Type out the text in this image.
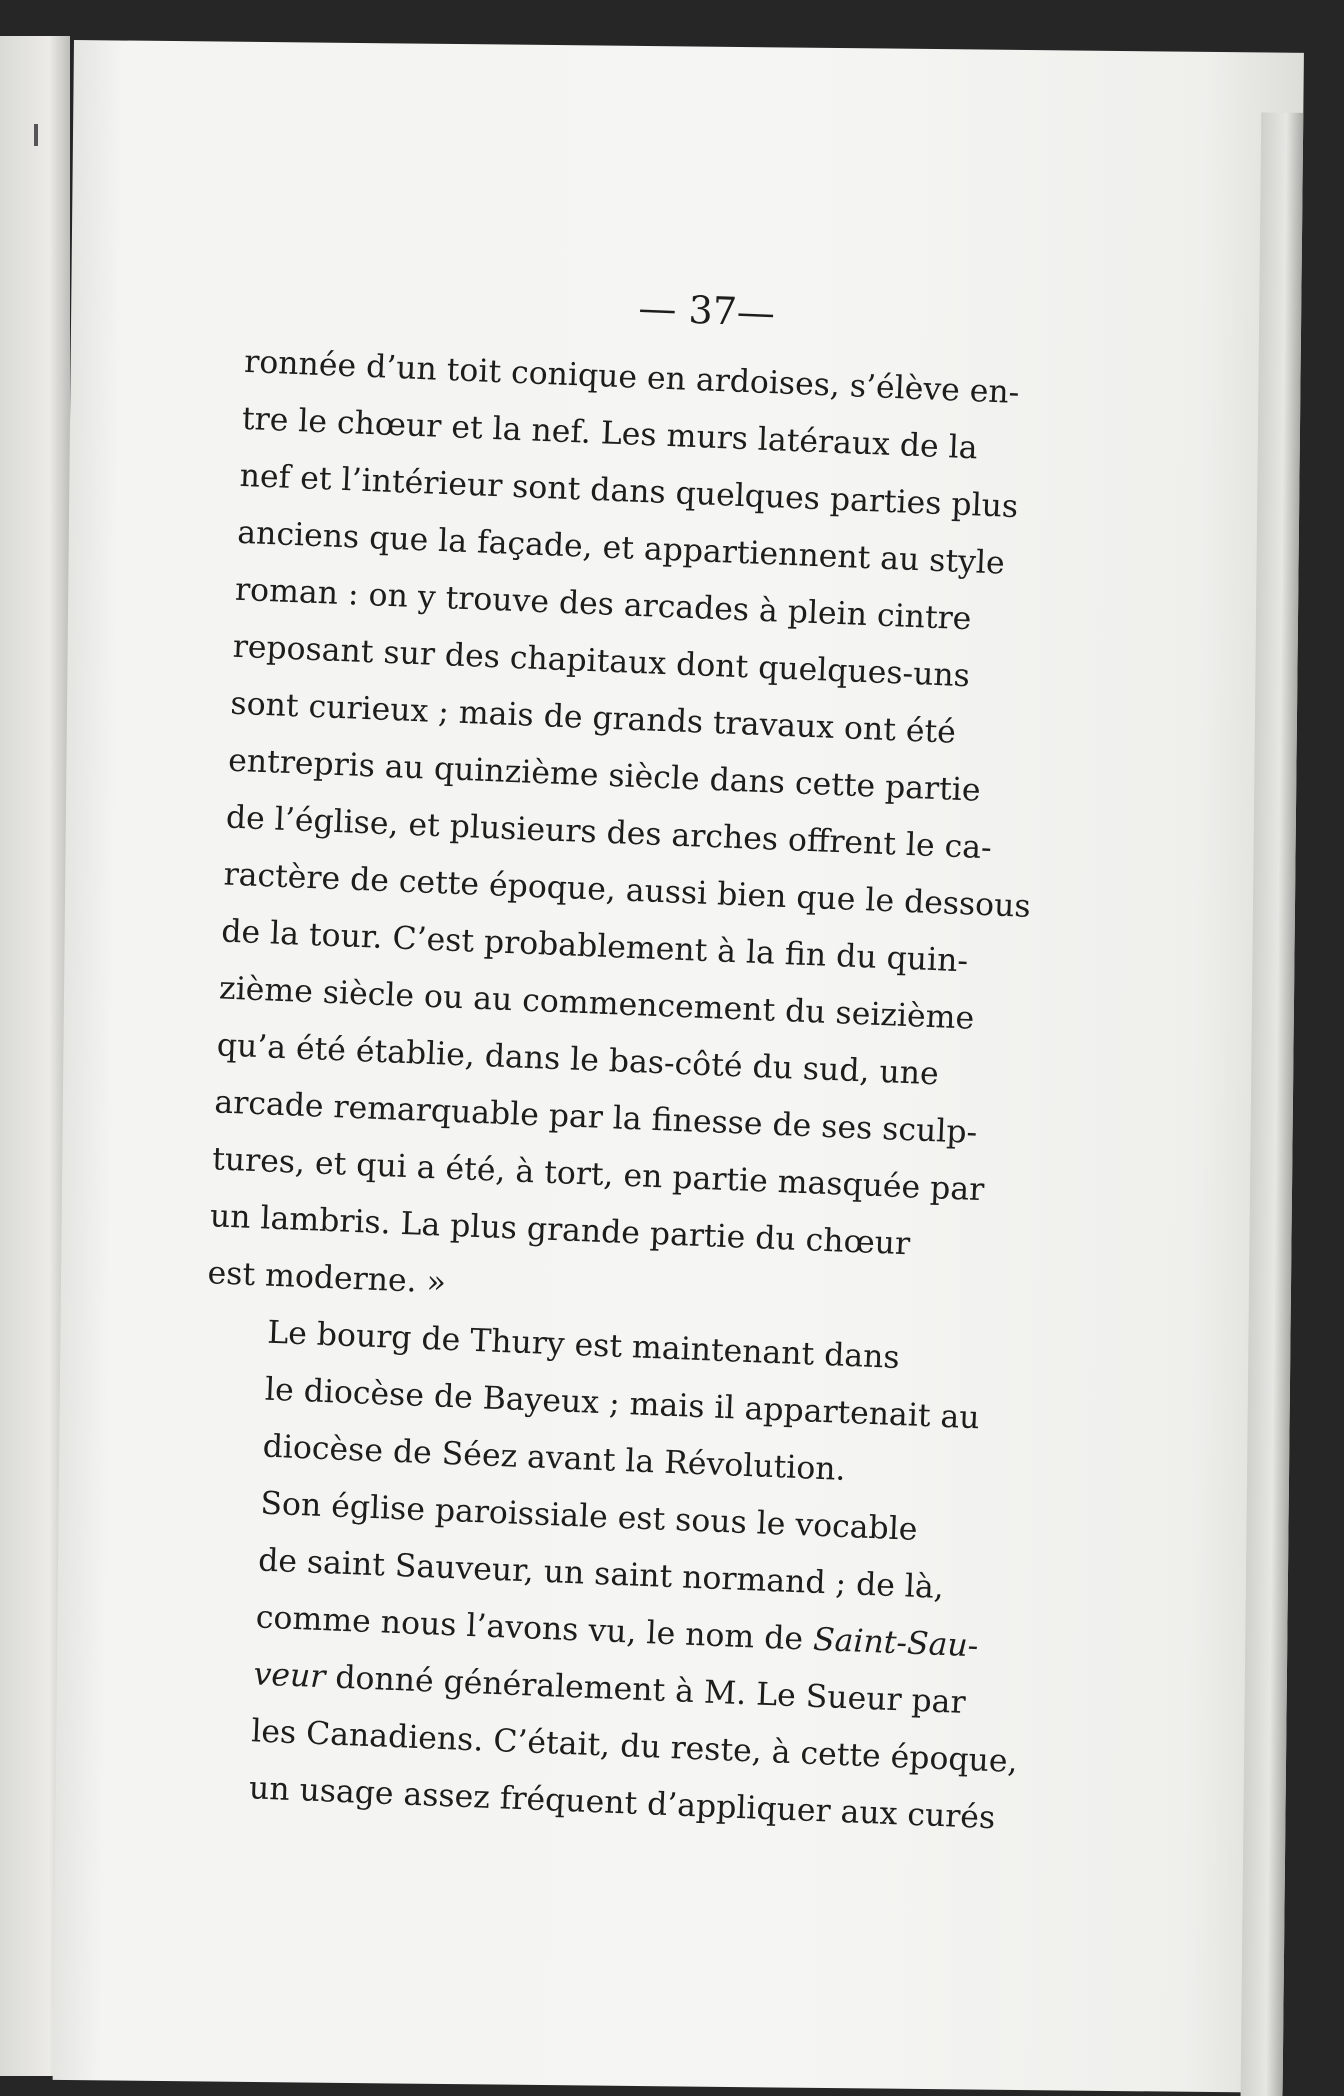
— 37—

ronnée d’un toit conique en ardoises, s’élève en-
tre le chœur et la nef. Les murs latéraux de la
nef et l’intérieur sont dans quelques parties plus
anciens que la façade, et appartiennent au style
roman : on y trouve des arcades à plein cintre
reposant sur des chapitaux dont quelques-uns
sont curieux ; mais de grands travaux ont été
entrepris au quinzième siècle dans cette partie
de l’église, et plusieurs des arches offrent le ca-
ractère de cette époque, aussi bien que le dessous
de la tour. C’est probablement à la fin du quin-
zième siècle ou au commencement du seizième
qu’a été établie, dans le bas-côté du sud, une
arcade remarquable par la finesse de ses sculp-
tures, et qui a été, à tort, en partie masquée par
un lambris. La plus grande partie du chœur
est moderne. »

Le bourg de Thury est maintenant dans
le diocèse de Bayeux ; mais il appartenait au
diocèse de Séez avant la Révolution.

Son église paroissiale est sous le vocable
de saint Sauveur, un saint normand ; de là,
comme nous l’avons vu, le nom de Saint-Sau-
veur donné généralement à M. Le Sueur par
les Canadiens. C’était, du reste, à cette époque,
un usage assez fréquent d’appliquer aux curés
